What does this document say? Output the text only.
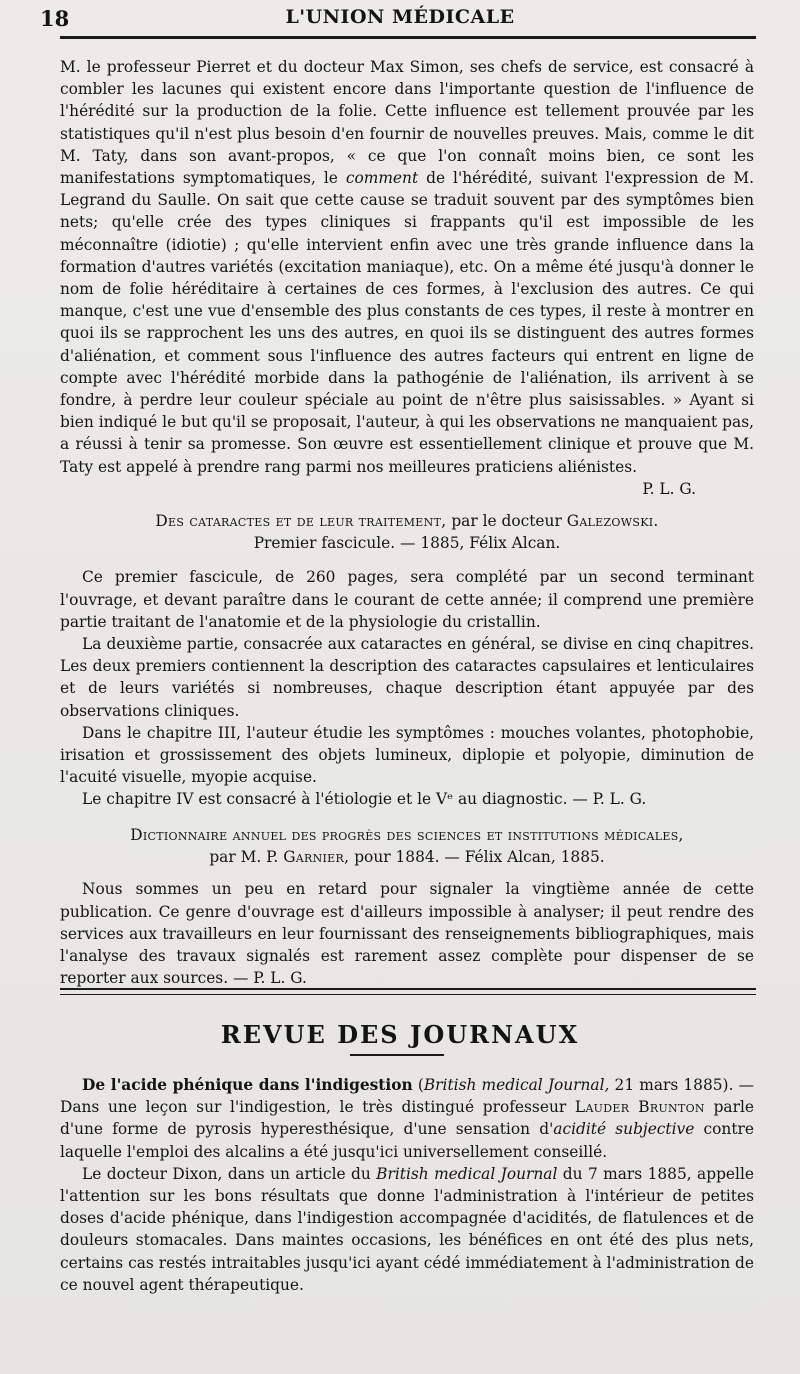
18	L'UNION MÉDICALE

M. le professeur Pierret et du docteur Max Simon, ses chefs de service, est consacré à combler les lacunes qui existent encore dans l'importante question de l'influence de l'hérédité sur la production de la folie. Cette influence est tellement prouvée par les statistiques qu'il n'est plus besoin d'en fournir de nouvelles preuves. Mais, comme le dit M. Taty, dans son avant-propos, « ce que l'on connaît moins bien, ce sont les manifestations symptomatiques, le comment de l'hérédité, suivant l'expression de M. Legrand du Saulle. On sait que cette cause se traduit souvent par des symptômes bien nets; qu'elle crée des types cliniques si frappants qu'il est impossible de les méconnaître (idiotie) ; qu'elle intervient enfin avec une très grande influence dans la formation d'autres variétés (excitation maniaque), etc. On a même été jusqu'à donner le nom de folie héréditaire à certaines de ces formes, à l'exclusion des autres. Ce qui manque, c'est une vue d'ensemble des plus constants de ces types, il reste à montrer en quoi ils se rapprochent les uns des autres, en quoi ils se distinguent des autres formes d'aliénation, et comment sous l'influence des autres facteurs qui entrent en ligne de compte avec l'hérédité morbide dans la pathogénie de l'aliénation, ils arrivent à se fondre, à perdre leur couleur spéciale au point de n'être plus saisissables. » Ayant si bien indiqué le but qu'il se proposait, l'auteur, à qui les observations ne manquaient pas, a réussi à tenir sa promesse. Son œuvre est essentiellement clinique et prouve que M. Taty est appelé à prendre rang parmi nos meilleures praticiens aliénistes.

P. L. G.

Des cataractes et de leur traitement, par le docteur Galezowski.

Premier fascicule. — 1885, Félix Alcan.

Ce premier fascicule, de 260 pages, sera complété par un second terminant l'ouvrage, et devant paraître dans le courant de cette année; il comprend une première partie traitant de l'anatomie et de la physiologie du cristallin.

La deuxième partie, consacrée aux cataractes en général, se divise en cinq chapitres. Les deux premiers contiennent la description des cataractes capsulaires et lenticulaires et de leurs variétés si nombreuses, chaque description étant appuyée par des observations cliniques.

Dans le chapitre III, l'auteur étudie les symptômes : mouches volantes, photophobie, irisation et grossissement des objets lumineux, diplopie et polyopie, diminution de l'acuité visuelle, myopie acquise.

Le chapitre IV est consacré à l'étiologie et le Vᵉ au diagnostic. — P. L. G.

Dictionnaire annuel des progrès des sciences et institutions médicales,

par M. P. Garnier, pour 1884. — Félix Alcan, 1885.

Nous sommes un peu en retard pour signaler la vingtième année de cette publication. Ce genre d'ouvrage est d'ailleurs impossible à analyser; il peut rendre des services aux travailleurs en leur fournissant des renseignements bibliographiques, mais l'analyse des travaux signalés est rarement assez complète pour dispenser de se reporter aux sources. — P. L. G.

REVUE DES JOURNAUX

De l'acide phénique dans l'indigestion (British medical Journal, 21 mars 1885). — Dans une leçon sur l'indigestion, le très distingué professeur Lauder Brunton parle d'une forme de pyrosis hyperesthésique, d'une sensation d'acidité subjective contre laquelle l'emploi des alcalins a été jusqu'ici universellement conseillé.

Le docteur Dixon, dans un article du British medical Journal du 7 mars 1885, appelle l'attention sur les bons résultats que donne l'administration à l'intérieur de petites doses d'acide phénique, dans l'indigestion accompagnée d'acidités, de flatulences et de douleurs stomacales. Dans maintes occasions, les bénéfices en ont été des plus nets, certains cas restés intraitables jusqu'ici ayant cédé immédiatement à l'administration de ce nouvel agent thérapeutique.
